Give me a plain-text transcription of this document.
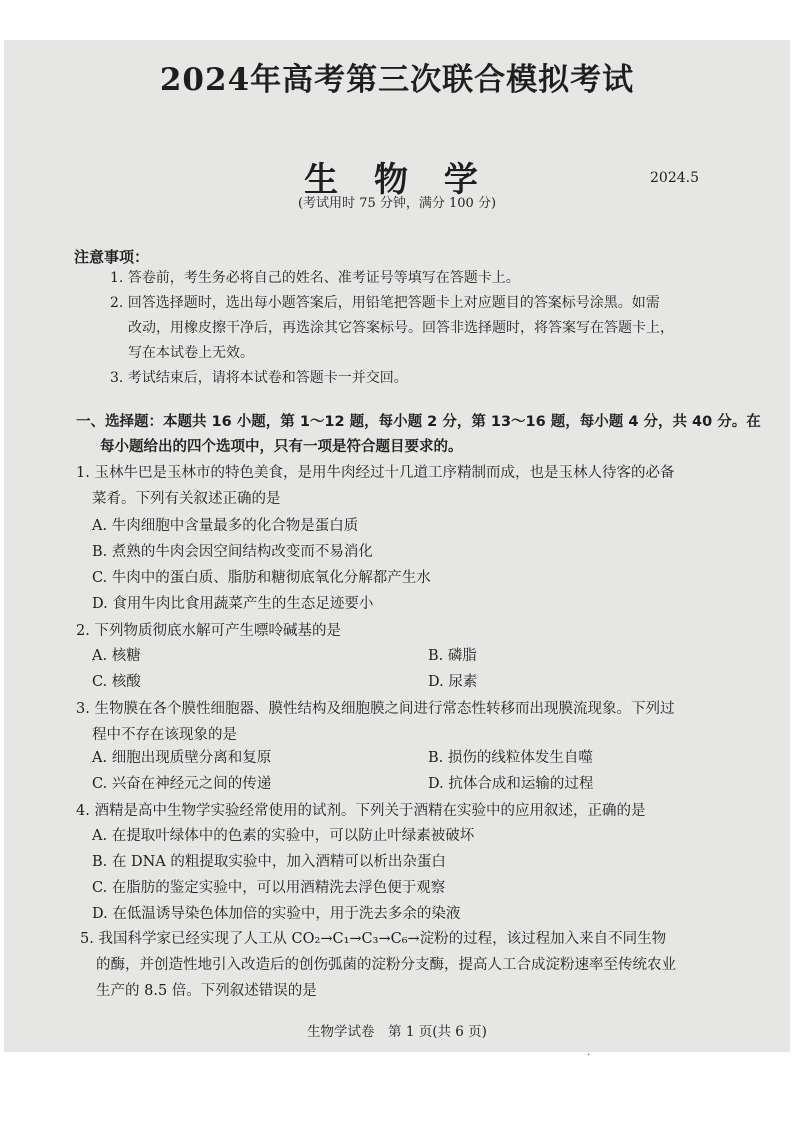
2024年高考第三次联合模拟考试
生 物 学	2024.5
(考试用时 75 分钟，满分 100 分)
注意事项：
1. 答卷前，考生务必将自己的姓名、准考证号等填写在答题卡上。
2. 回答选择题时，选出每小题答案后，用铅笔把答题卡上对应题目的答案标号涂黑。如需
改动，用橡皮擦干净后，再选涂其它答案标号。回答非选择题时，将答案写在答题卡上，
写在本试卷上无效。
3. 考试结束后，请将本试卷和答题卡一并交回。
一、选择题：本题共 16 小题，第 1～12 题，每小题 2 分，第 13～16 题，每小题 4 分，共 40 分。在
每小题给出的四个选项中，只有一项是符合题目要求的。
1. 玉林牛巴是玉林市的特色美食，是用牛肉经过十几道工序精制而成，也是玉林人待客的必备
菜肴。下列有关叙述正确的是
A. 牛肉细胞中含量最多的化合物是蛋白质
B. 煮熟的牛肉会因空间结构改变而不易消化
C. 牛肉中的蛋白质、脂肪和糖彻底氧化分解都产生水
D. 食用牛肉比食用蔬菜产生的生态足迹要小
2. 下列物质彻底水解可产生嘌呤碱基的是
A. 核糖	B. 磷脂
C. 核酸	D. 尿素
3. 生物膜在各个膜性细胞器、膜性结构及细胞膜之间进行常态性转移而出现膜流现象。下列过
程中不存在该现象的是
A. 细胞出现质壁分离和复原	B. 损伤的线粒体发生自噬
C. 兴奋在神经元之间的传递	D. 抗体合成和运输的过程
4. 酒精是高中生物学实验经常使用的试剂。下列关于酒精在实验中的应用叙述，正确的是
A. 在提取叶绿体中的色素的实验中，可以防止叶绿素被破坏
B. 在 DNA 的粗提取实验中，加入酒精可以析出杂蛋白
C. 在脂肪的鉴定实验中，可以用酒精洗去浮色便于观察
D. 在低温诱导染色体加倍的实验中，用于洗去多余的染液
5. 我国科学家已经实现了人工从 CO₂→C₁→C₃→C₆→淀粉的过程，该过程加入来自不同生物
的酶，并创造性地引入改造后的创伤弧菌的淀粉分支酶，提高人工合成淀粉速率至传统农业
生产的 8.5 倍。下列叙述错误的是
生物学试卷　第 1 页(共 6 页)
·
